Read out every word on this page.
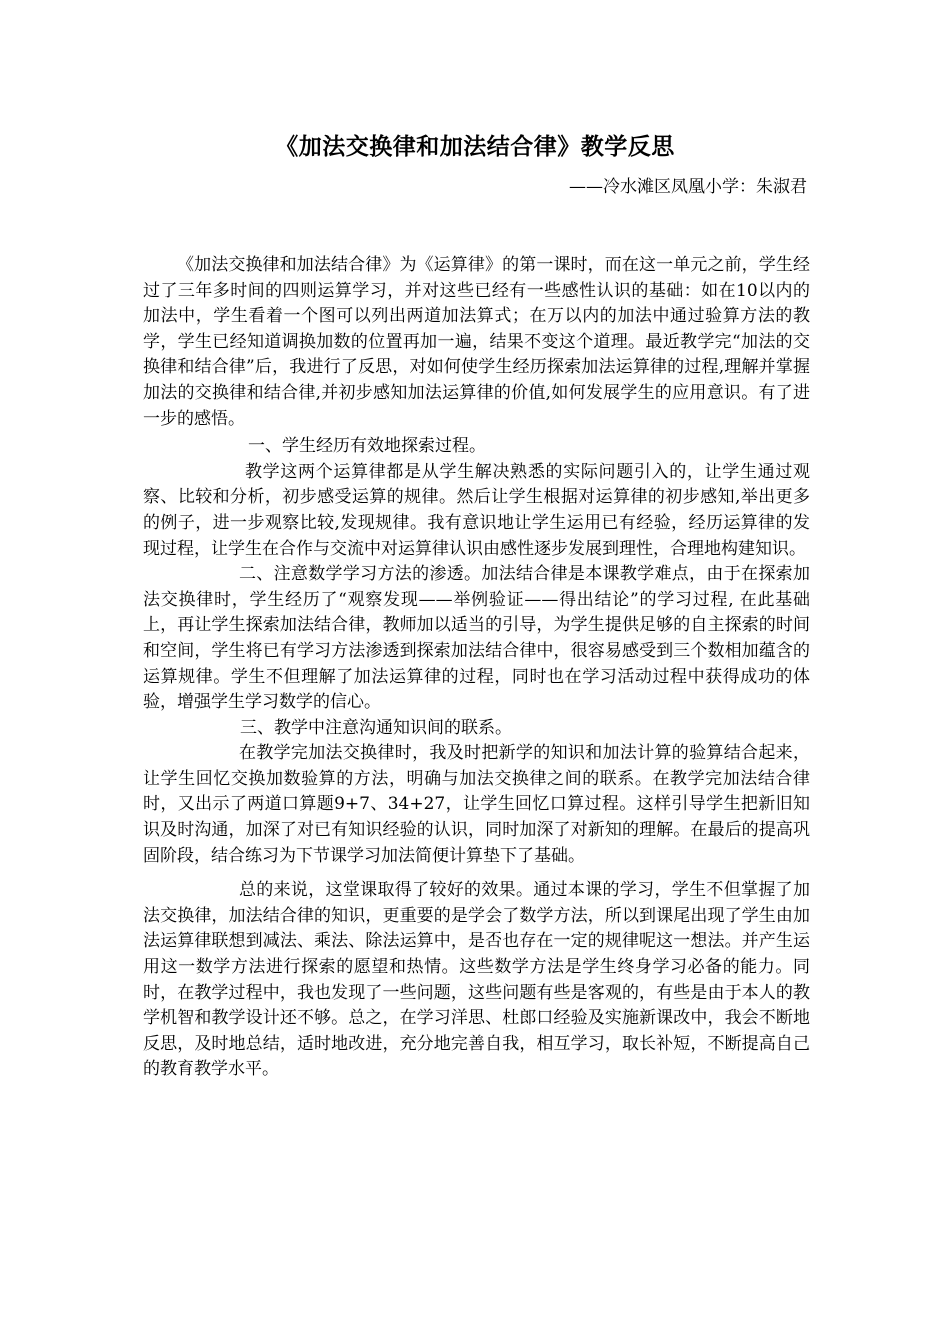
《加法交换律和加法结合律》教学反思
——冷水滩区凤凰小学：朱淑君

《加法交换律和加法结合律》为《运算律》的第一课时，而在这一单元之前，学生经过了三年多时间的四则运算学习，并对这些已经有一些感性认识的基础：如在10以内的加法中，学生看着一个图可以列出两道加法算式；在万以内的加法中通过验算方法的教学，学生已经知道调换加数的位置再加一遍，结果不变这个道理。最近教学完“加法的交换律和结合律”后，我进行了反思，对如何使学生经历探索加法运算律的过程,理解并掌握加法的交换律和结合律,并初步感知加法运算律的价值,如何发展学生的应用意识。有了进一步的感悟。

一、学生经历有效地探索过程。

教学这两个运算律都是从学生解决熟悉的实际问题引入的，让学生通过观察、比较和分析，初步感受运算的规律。然后让学生根据对运算律的初步感知,举出更多的例子，进一步观察比较,发现规律。我有意识地让学生运用已有经验，经历运算律的发现过程，让学生在合作与交流中对运算律认识由感性逐步发展到理性，合理地构建知识。

二、注意数学学习方法的渗透。加法结合律是本课教学难点，由于在探索加法交换律时，学生经历了“观察发现——举例验证——得出结论”的学习过程, 在此基础上，再让学生探索加法结合律，教师加以适当的引导，为学生提供足够的自主探索的时间和空间，学生将已有学习方法渗透到探索加法结合律中，很容易感受到三个数相加蕴含的运算规律。学生不但理解了加法运算律的过程，同时也在学习活动过程中获得成功的体验，增强学生学习数学的信心。

三、教学中注意沟通知识间的联系。

在教学完加法交换律时，我及时把新学的知识和加法计算的验算结合起来，让学生回忆交换加数验算的方法，明确与加法交换律之间的联系。在教学完加法结合律时，又出示了两道口算题9+7、34+27，让学生回忆口算过程。这样引导学生把新旧知识及时沟通，加深了对已有知识经验的认识，同时加深了对新知的理解。在最后的提高巩固阶段，结合练习为下节课学习加法简便计算垫下了基础。

总的来说，这堂课取得了较好的效果。通过本课的学习，学生不但掌握了加法交换律，加法结合律的知识，更重要的是学会了数学方法，所以到课尾出现了学生由加法运算律联想到减法、乘法、除法运算中，是否也存在一定的规律呢这一想法。并产生运用这一数学方法进行探索的愿望和热情。这些数学方法是学生终身学习必备的能力。同时，在教学过程中，我也发现了一些问题，这些问题有些是客观的，有些是由于本人的教学机智和教学设计还不够。总之，在学习洋思、杜郎口经验及实施新课改中，我会不断地反思，及时地总结，适时地改进，充分地完善自我，相互学习，取长补短，不断提高自己的教育教学水平。
